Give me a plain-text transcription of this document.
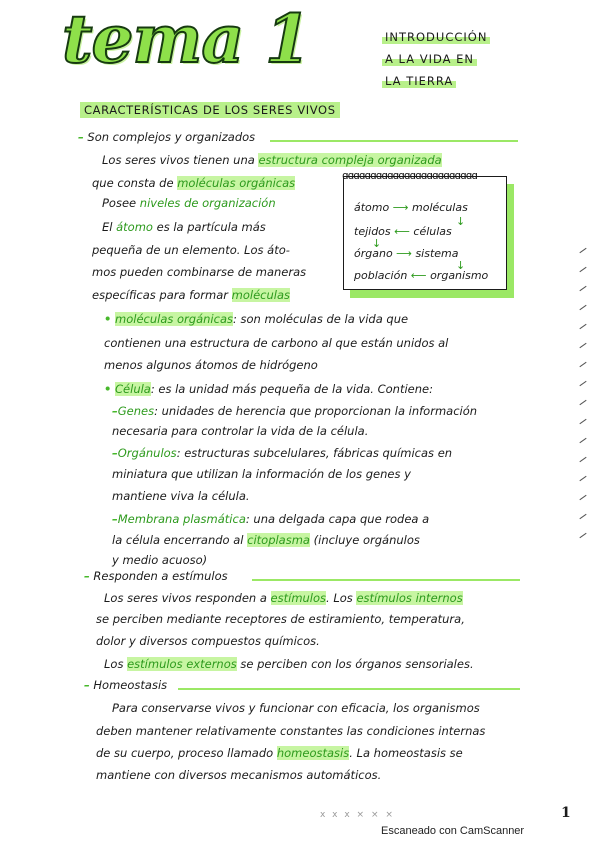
tema 1	INTRODUCCIÓN
A LA VIDA EN
LA TIERRA
CARACTERÍSTICAS DE LOS SERES VIVOS
– Son complejos y organizados
Los seres vivos tienen una estructura compleja organizada
que consta de moléculas orgánicas
Posee niveles de organización
El átomo es la partícula más
pequeña de un elemento. Los áto-
mos pueden combinarse de maneras
específicas para formar moléculas
ɑɑɑɑɑɑɑɑɑɑɑɑɑɑɑɑɑɑɑɑɑɑɑɑ
átomo ⟶ moléculas
↓
tejidos ⟵ células
↓
órgano ⟶ sistema
↓
población ⟵ organismo
• moléculas orgánicas: son moléculas de la vida que
contienen una estructura de carbono al que están unidos al
menos algunos átomos de hidrógeno
• Célula: es la unidad más pequeña de la vida. Contiene:
–Genes: unidades de herencia que proporcionan la información
necesaria para controlar la vida de la célula.
–Orgánulos: estructuras subcelulares, fábricas químicas en
miniatura que utilizan la información de los genes y
mantiene viva la célula.
–Membrana plasmática: una delgada capa que rodea a
la célula encerrando al citoplasma (incluye orgánulos
y medio acuoso)
– Responden a estímulos
Los seres vivos responden a estímulos. Los estímulos internos
se perciben mediante receptores de estiramiento, temperatura,
dolor y diversos compuestos químicos.
Los estímulos externos se perciben con los órganos sensoriales.
– Homeostasis
Para conservarse vivos y funcionar con eficacia, los organismos
deben mantener relativamente constantes las condiciones internas
de su cuerpo, proceso llamado homeostasis. La homeostasis se
mantiene con diversos mecanismos automáticos.
x x x × × ×	1
Escaneado con CamScanner
